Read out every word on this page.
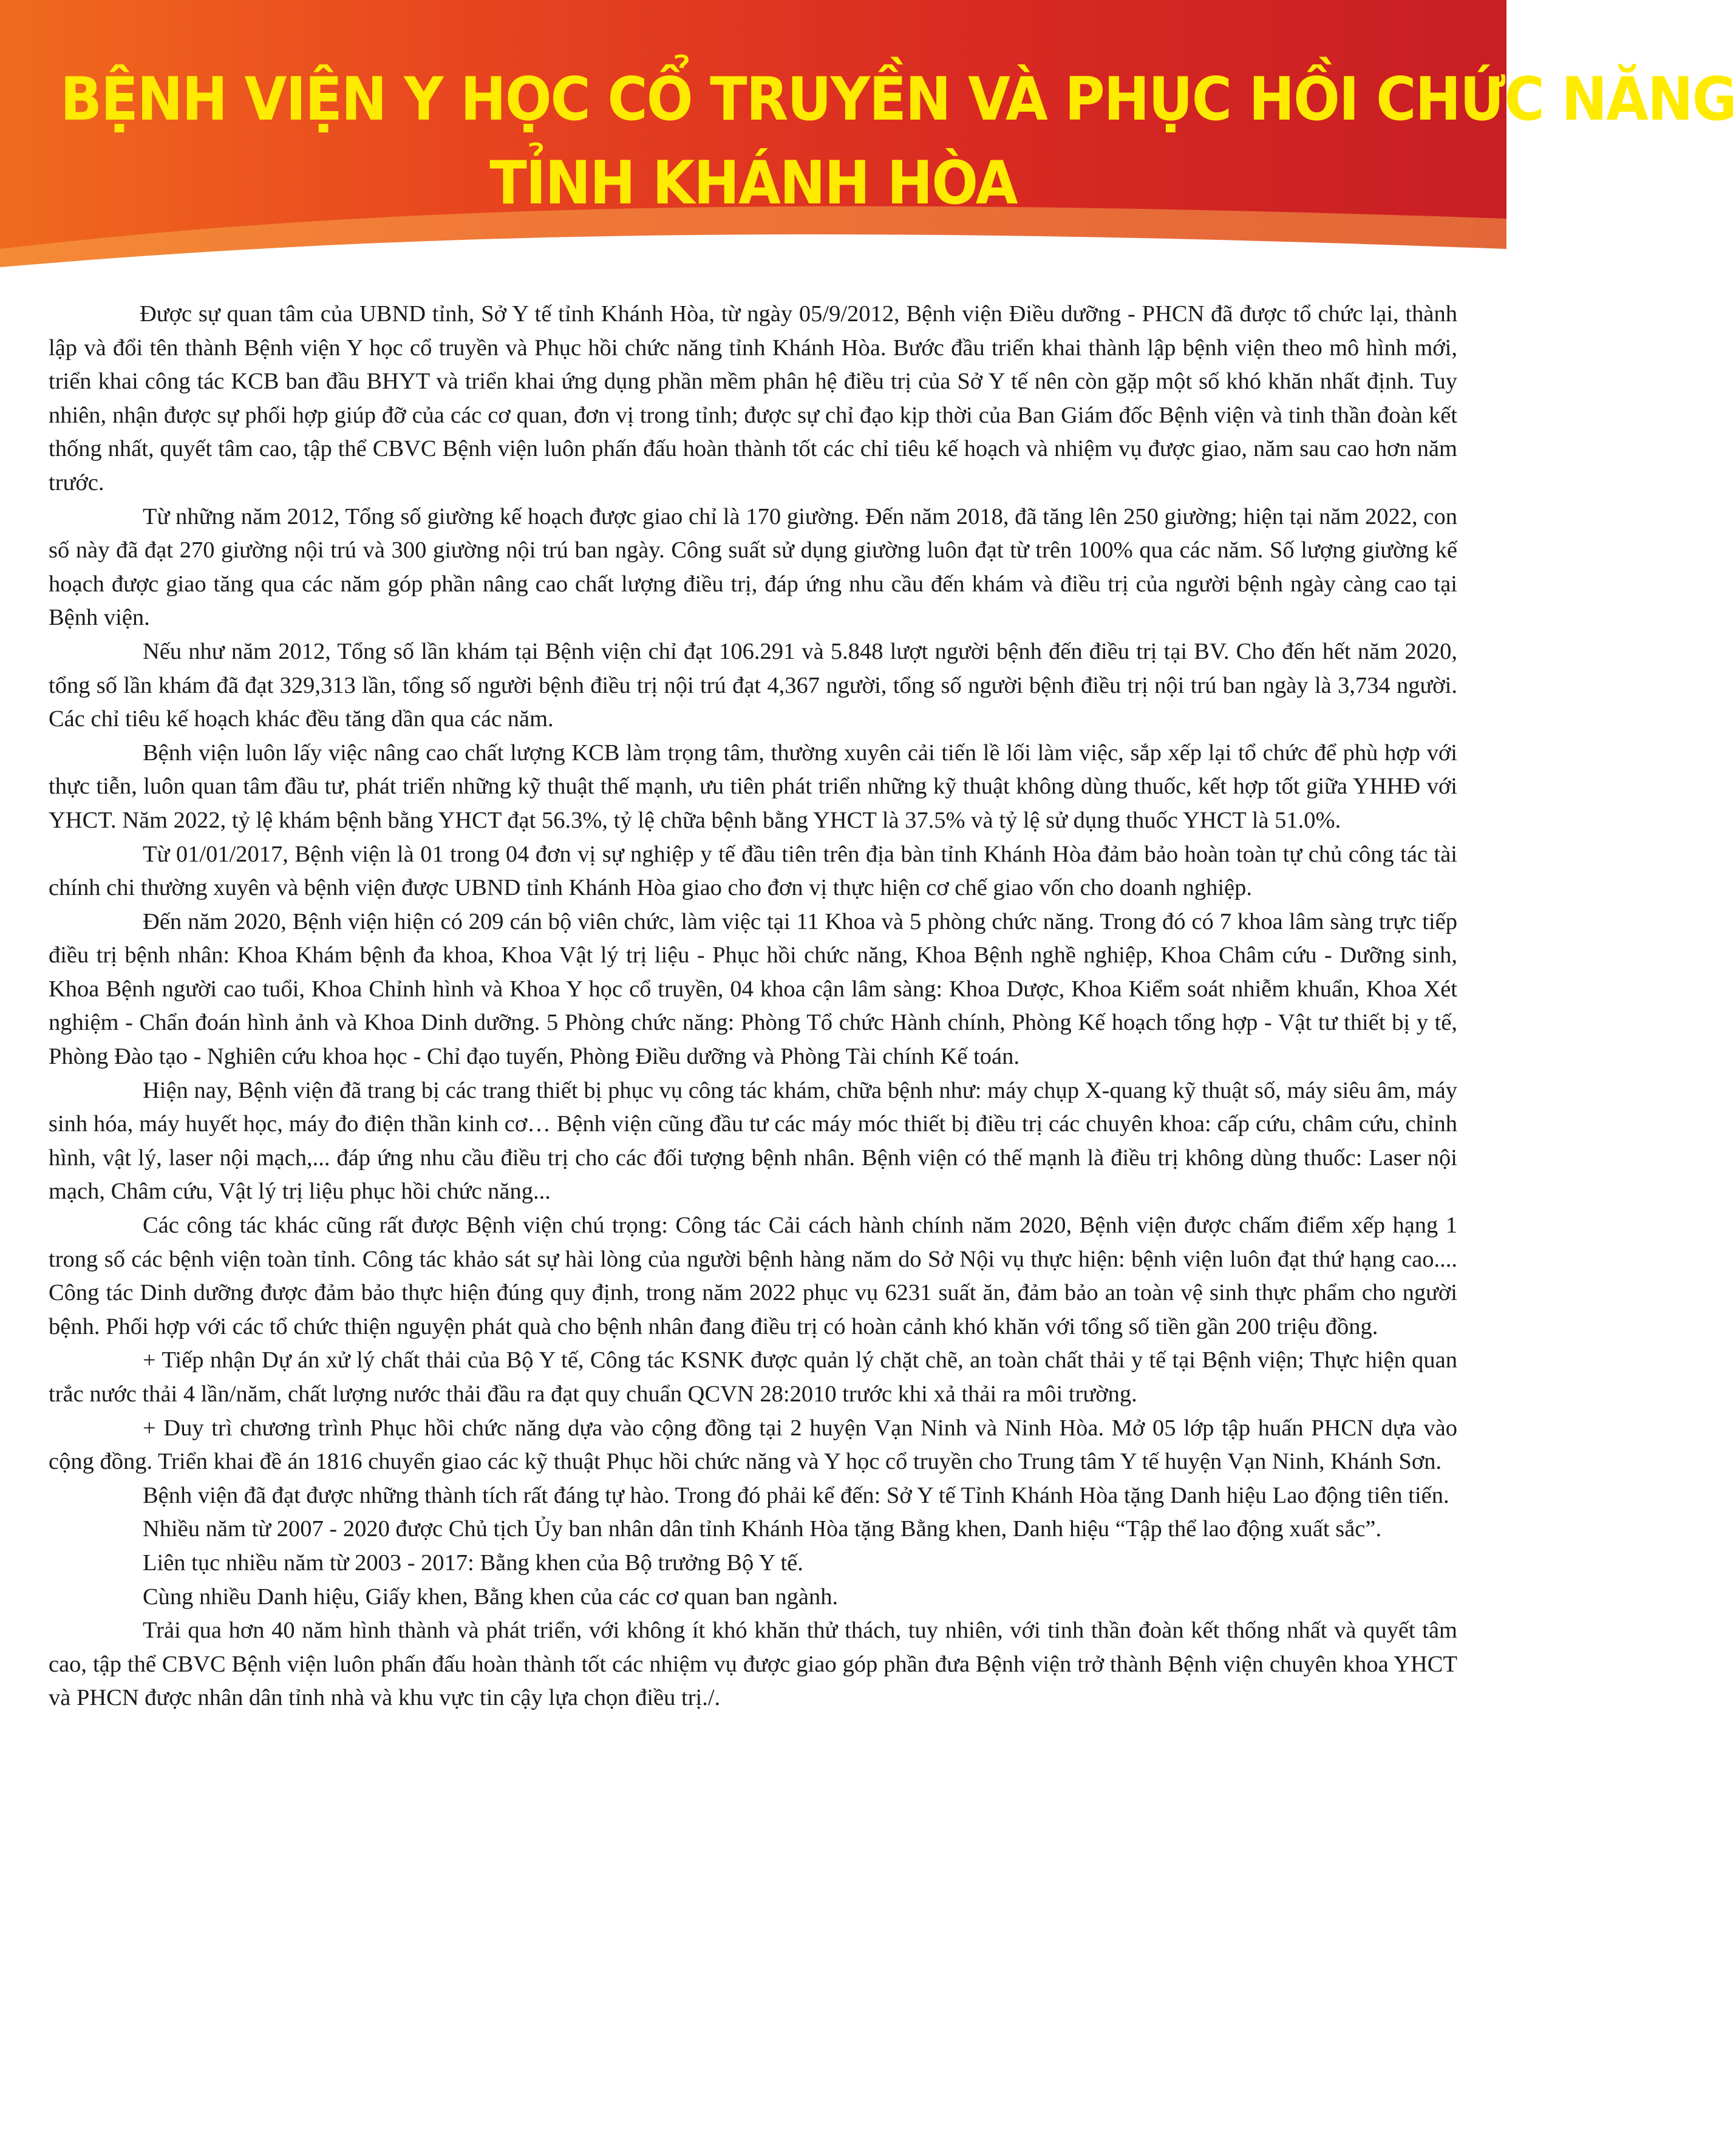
BỆNH VIỆN Y HỌC CỔ TRUYỀN VÀ PHỤC HỒI CHỨC NĂNG
TỈNH KHÁNH HÒA

Được sự quan tâm của UBND tỉnh, Sở Y tế tỉnh Khánh Hòa, từ ngày 05/9/2012, Bệnh viện Điều dưỡng - PHCN đã được tổ chức lại, thành lập và đổi tên thành Bệnh viện Y học cổ truyền và Phục hồi chức năng tỉnh Khánh Hòa. Bước đầu triển khai thành lập bệnh viện theo mô hình mới, triển khai công tác KCB ban đầu BHYT và triển khai ứng dụng phần mềm phân hệ điều trị của Sở Y tế nên còn gặp một số khó khăn nhất định. Tuy nhiên, nhận được sự phối hợp giúp đỡ của các cơ quan, đơn vị trong tỉnh; được sự chỉ đạo kịp thời của Ban Giám đốc Bệnh viện và tinh thần đoàn kết thống nhất, quyết tâm cao, tập thể CBVC Bệnh viện luôn phấn đấu hoàn thành tốt các chỉ tiêu kế hoạch và nhiệm vụ được giao, năm sau cao hơn năm trước.

Từ những năm 2012, Tổng số giường kế hoạch được giao chỉ là 170 giường. Đến năm 2018, đã tăng lên 250 giường; hiện tại năm 2022, con số này đã đạt 270 giường nội trú và 300 giường nội trú ban ngày. Công suất sử dụng giường luôn đạt từ trên 100% qua các năm. Số lượng giường kế hoạch được giao tăng qua các năm góp phần nâng cao chất lượng điều trị, đáp ứng nhu cầu đến khám và điều trị của người bệnh ngày càng cao tại Bệnh viện.

Nếu như năm 2012, Tổng số lần khám tại Bệnh viện chỉ đạt 106.291 và 5.848 lượt người bệnh đến điều trị tại BV. Cho đến hết năm 2020, tổng số lần khám đã đạt 329,313 lần, tổng số người bệnh điều trị nội trú đạt 4,367 người, tổng số người bệnh điều trị nội trú ban ngày là 3,734 người. Các chỉ tiêu kế hoạch khác đều tăng dần qua các năm.

Bệnh viện luôn lấy việc nâng cao chất lượng KCB làm trọng tâm, thường xuyên cải tiến lề lối làm việc, sắp xếp lại tổ chức để phù hợp với thực tiễn, luôn quan tâm đầu tư, phát triển những kỹ thuật thế mạnh, ưu tiên phát triển những kỹ thuật không dùng thuốc, kết hợp tốt giữa YHHĐ với YHCT. Năm 2022, tỷ lệ khám bệnh bằng YHCT đạt 56.3%, tỷ lệ chữa bệnh bằng YHCT là 37.5% và tỷ lệ sử dụng thuốc YHCT là 51.0%.

Từ 01/01/2017, Bệnh viện là 01 trong 04 đơn vị sự nghiệp y tế đầu tiên trên địa bàn tỉnh Khánh Hòa đảm bảo hoàn toàn tự chủ công tác tài chính chi thường xuyên và bệnh viện được UBND tỉnh Khánh Hòa giao cho đơn vị thực hiện cơ chế giao vốn cho doanh nghiệp.

Đến năm 2020, Bệnh viện hiện có 209 cán bộ viên chức, làm việc tại 11 Khoa và 5 phòng chức năng. Trong đó có 7 khoa lâm sàng trực tiếp điều trị bệnh nhân: Khoa Khám bệnh đa khoa, Khoa Vật lý trị liệu - Phục hồi chức năng, Khoa Bệnh nghề nghiệp, Khoa Châm cứu - Dưỡng sinh, Khoa Bệnh người cao tuổi, Khoa Chỉnh hình và Khoa Y học cổ truyền, 04 khoa cận lâm sàng: Khoa Dược, Khoa Kiểm soát nhiễm khuẩn, Khoa Xét nghiệm - Chẩn đoán hình ảnh và Khoa Dinh dưỡng. 5 Phòng chức năng: Phòng Tổ chức Hành chính, Phòng Kế hoạch tổng hợp - Vật tư thiết bị y tế, Phòng Đào tạo - Nghiên cứu khoa học - Chỉ đạo tuyến, Phòng Điều dưỡng và Phòng Tài chính Kế toán.

Hiện nay, Bệnh viện đã trang bị các trang thiết bị phục vụ công tác khám, chữa bệnh như: máy chụp X-quang kỹ thuật số, máy siêu âm, máy sinh hóa, máy huyết học, máy đo điện thần kinh cơ… Bệnh viện cũng đầu tư các máy móc thiết bị điều trị các chuyên khoa: cấp cứu, châm cứu, chỉnh hình, vật lý, laser nội mạch,... đáp ứng nhu cầu điều trị cho các đối tượng bệnh nhân. Bệnh viện có thế mạnh là điều trị không dùng thuốc: Laser nội mạch, Châm cứu, Vật lý trị liệu phục hồi chức năng...

Các công tác khác cũng rất được Bệnh viện chú trọng: Công tác Cải cách hành chính năm 2020, Bệnh viện được chấm điểm xếp hạng 1 trong số các bệnh viện toàn tỉnh. Công tác khảo sát sự hài lòng của người bệnh hàng năm do Sở Nội vụ thực hiện: bệnh viện luôn đạt thứ hạng cao.... Công tác Dinh dưỡng được đảm bảo thực hiện đúng quy định, trong năm 2022 phục vụ 6231 suất ăn, đảm bảo an toàn vệ sinh thực phẩm cho người bệnh. Phối hợp với các tổ chức thiện nguyện phát quà cho bệnh nhân đang điều trị có hoàn cảnh khó khăn với tổng số tiền gần 200 triệu đồng.

+ Tiếp nhận Dự án xử lý chất thải của Bộ Y tế, Công tác KSNK được quản lý chặt chẽ, an toàn chất thải y tế tại Bệnh viện; Thực hiện quan trắc nước thải 4 lần/năm, chất lượng nước thải đầu ra đạt quy chuẩn QCVN 28:2010 trước khi xả thải ra môi trường.

+ Duy trì chương trình Phục hồi chức năng dựa vào cộng đồng tại 2 huyện Vạn Ninh và Ninh Hòa. Mở 05 lớp tập huấn PHCN dựa vào cộng đồng. Triển khai đề án 1816 chuyển giao các kỹ thuật Phục hồi chức năng và Y học cổ truyền cho Trung tâm Y tế huyện Vạn Ninh, Khánh Sơn.

Bệnh viện đã đạt được những thành tích rất đáng tự hào. Trong đó phải kể đến: Sở Y tế Tỉnh Khánh Hòa tặng Danh hiệu Lao động tiên tiến.

Nhiều năm từ 2007 - 2020 được Chủ tịch Ủy ban nhân dân tỉnh Khánh Hòa tặng Bằng khen, Danh hiệu “Tập thể lao động xuất sắc”.

Liên tục nhiều năm từ 2003 - 2017: Bằng khen của Bộ trưởng Bộ Y tế.

Cùng nhiều Danh hiệu, Giấy khen, Bằng khen của các cơ quan ban ngành.

Trải qua hơn 40 năm hình thành và phát triển, với không ít khó khăn thử thách, tuy nhiên, với tinh thần đoàn kết thống nhất và quyết tâm cao, tập thể CBVC Bệnh viện luôn phấn đấu hoàn thành tốt các nhiệm vụ được giao góp phần đưa Bệnh viện trở thành Bệnh viện chuyên khoa YHCT và PHCN được nhân dân tỉnh nhà và khu vực tin cậy lựa chọn điều trị./.
